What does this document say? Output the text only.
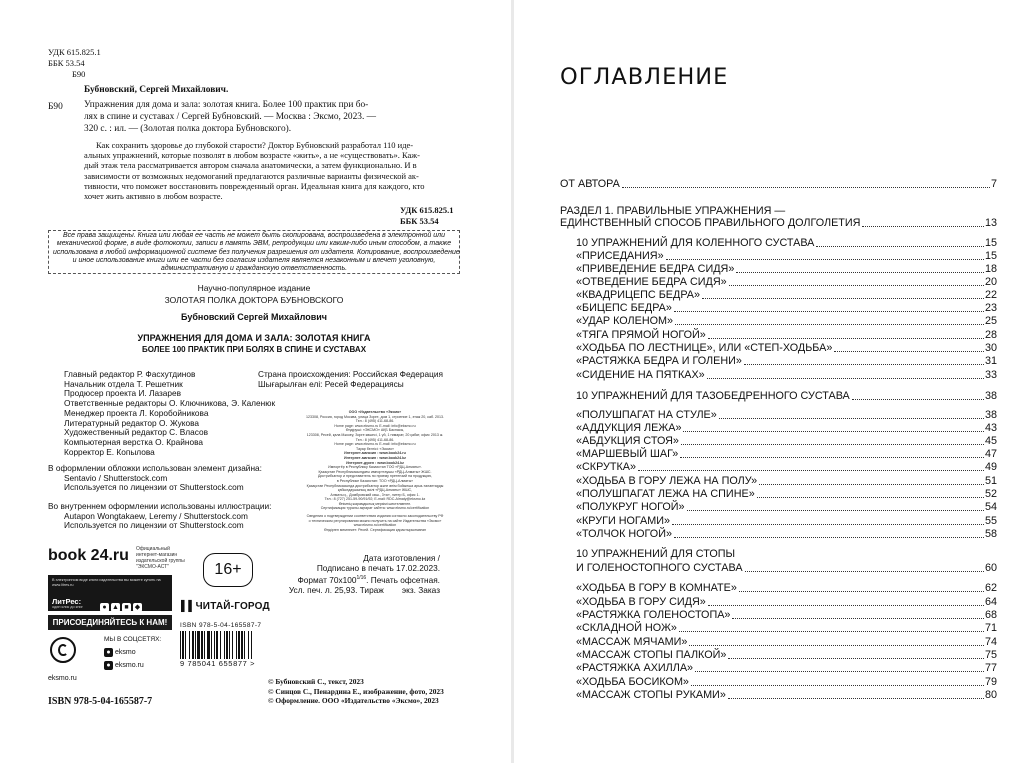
УДК 615.825.1
ББК 53.54
Б90
Бубновский, Сергей Михайлович.
Б90 Упражнения для дома и зала: золотая книга. Более 100 практик при бо-
лях в спине и суставах / Сергей Бубновский. — Москва : Эксмо, 2023. —
320 с. : ил. — (Золотая полка доктора Бубновского).
Как сохранить здоровье до глубокой старости? Доктор Бубновский разработал 110 иде-
альных упражнений, которые позволят в любом возрасте «жить», а не «существовать». Каж-
дый этаж тела рассматривается автором сначала анатомически, а затем функционально. И в
зависимости от возможных недомоганий предлагаются различные варианты физической ак-
тивности, что поможет восстановить поврежденный орган. Идеальная книга для каждого, кто
хочет жить активно в любом возрасте.
УДК 615.825.1
ББК 53.54
Все права защищены. Книга или любая ее часть не может быть скопирована, воспроизведена в электронной или
механической форме, в виде фотокопии, записи в память ЭВМ, репродукции или каким-либо иным способом, а также
использована в любой информационной системе без получения разрешения от издателя. Копирование, воспроизведение
и иное использование книги или ее части без согласия издателя является незаконным и влечет уголовную,
административную и гражданскую ответственность.
Научно-популярное издание
ЗОЛОТАЯ ПОЛКА ДОКТОРА БУБНОВСКОГО
Бубновский Сергей Михайлович
УПРАЖНЕНИЯ ДЛЯ ДОМА И ЗАЛА: ЗОЛОТАЯ КНИГА
БОЛЕЕ 100 ПРАКТИК ПРИ БОЛЯХ В СПИНЕ И СУСТАВАХ
Главный редактор Р. Фасхутдинов
Начальник отдела Т. Решетник
Продюсер проекта И. Лазарев
Ответственные редакторы О. Ключникова, Э. Каленюк
Менеджер проекта Л. Коробойникова
Литературный редактор О. Жукова
Художественный редактор С. Власов
Компьютерная верстка О. Крайнова
Корректор Е. Копылова
Страна происхождения: Российская Федерация
Шығарылған елі: Ресей Федерациясы
В оформлении обложки использован элемент дизайна:
Sentavio / Shutterstock.com
Используется по лицензии от Shutterstock.com
Во внутреннем оформлении использованы иллюстрации:
Autapon Wongtakaew, Leremy / Shutterstock.com
Используется по лицензии от Shutterstock.com
ООО «Издательство «Эксмо»
123308, Россия, город Москва, улица Зорге, дом 1, строение 1, этаж 20, каб. 2013.
Тел.: 8 (495) 411-68-86.
Home page: www.eksmo.ru E-mail: info@eksmo.ru
Өндіруші: «ЭКСМО» АҚБ Баспасы,
123308, Ресей, қала Мәскеу, Зорге көшесі, 1 үй, 1 ғимарат, 20 қабат, офис 2013 ж.
Тел.: 8 (495) 411-68-86.
Home page: www.eksmo.ru E-mail: info@eksmo.ru
Тауар белгісі: «Эксмо»
Интернет-магазин : www.book24.ru
Интернет-магазин : www.book24.kz
Интернет-дүкен : www.book24.kz
Импортёр в Республику Казахстан ТОО «РДЦ-Алматы».
Қазақстан Республикасындағы импорттаушы «РДЦ-Алматы» ЖШС.
Дистрибьютор и представитель по приему претензий на продукцию,
в Республике Казахстан: ТОО «РДЦ-Алматы»
Қазақстан Республикасында дистрибьютор және өнім бойынша арыз-талаптарды
қабылдаушының өкілі «РДЦ-Алматы» ЖШС,
Алматы қ., Домбровский көш., 3«а», литер Б, офис 1.
Тел.: 8 (727) 251-59-90/91/92; E-mail: RDC-Almaty@eksmo.kz
Өнімнің жарамдылық мерзімі шектелмеген.
Сертификация туралы ақпарат сайтта: www.eksmo.ru/certification
Сведения о подтверждении соответствия издания согласно законодательству РФ
о техническом регулировании можно получить на сайте Издательства «Эксмо»
www.eksmo.ru/certification
Өндірген мемлекет: Ресей. Сертификация қарастырылмаған
Дата изготовления /
Подписано в печать 17.02.2023.
Формат $70х100^{1/16}$. Печать офсетная.
Усл. печ. л. 25,93. Тираж экз. Заказ
16+
book 24.ru Официальный
интернет-магазин
издательской группы
"ЭКСМО-АСТ"
В электронном виде книги издательства вы можете купить на www.litres.ru
ЛитРес:
один клик до книг	● ▲ ■ ◆	▌▌ЧИТАЙ-ГОРОД
ПРИСОЕДИНЯЙТЕСЬ К НАМ!
МЫ В СОЦСЕТЯХ:
● eksmo
● eksmo.ru
eksmo.ru
ISBN 978-5-04-165587-7
9 785041 655877 >
ISBN 978-5-04-165587-7
© Бубновский С., текст, 2023
© Синцов С., Пенардина Е., изображение, фото, 2023
© Оформление. ООО «Издательство «Эксмо», 2023
ОГЛАВЛЕНИЕ
ОТ АВТОРА	7
РАЗДЕЛ 1. ПРАВИЛЬНЫЕ УПРАЖНЕНИЯ —
ЕДИНСТВЕННЫЙ СПОСОБ ПРАВИЛЬНОГО ДОЛГОЛЕТИЯ	13
10 УПРАЖНЕНИЙ ДЛЯ КОЛЕННОГО СУСТАВА	15
«ПРИСЕДАНИЯ»	15
«ПРИВЕДЕНИЕ БЕДРА СИДЯ»	18
«ОТВЕДЕНИЕ БЕДРА СИДЯ»	20
«КВАДРИЦЕПС БЕДРА»	22
«БИЦЕПС БЕДРА»	23
«УДАР КОЛЕНОМ»	25
«ТЯГА ПРЯМОЙ НОГОЙ»	28
«ХОДЬБА ПО ЛЕСТНИЦЕ», ИЛИ «СТЕП-ХОДЬБА»	30
«РАСТЯЖКА БЕДРА И ГОЛЕНИ»	31
«СИДЕНИЕ НА ПЯТКАХ»	33
10 УПРАЖНЕНИЙ ДЛЯ ТАЗОБЕДРЕННОГО СУСТАВА	38
«ПОЛУШПАГАТ НА СТУЛЕ»	38
«АДДУКЦИЯ ЛЕЖА»	43
«АБДУКЦИЯ СТОЯ»	45
«МАРШЕВЫЙ ШАГ»	47
«СКРУТКА»	49
«ХОДЬБА В ГОРУ ЛЕЖА НА ПОЛУ»	51
«ПОЛУШПАГАТ ЛЕЖА НА СПИНЕ»	52
«ПОЛУКРУГ НОГОЙ»	54
«КРУГИ НОГАМИ»	55
«ТОЛЧОК НОГОЙ»	58
10 УПРАЖНЕНИЙ ДЛЯ СТОПЫ
И ГОЛЕНОСТОПНОГО СУСТАВА	60
«ХОДЬБА В ГОРУ В КОМНАТЕ»	62
«ХОДЬБА В ГОРУ СИДЯ»	64
«РАСТЯЖКА ГОЛЕНОСТОПА»	68
«СКЛАДНОЙ НОЖ»	71
«МАССАЖ МЯЧАМИ»	74
«МАССАЖ СТОПЫ ПАЛКОЙ»	75
«РАСТЯЖКА АХИЛЛА»	77
«ХОДЬБА БОСИКОМ»	79
«МАССАЖ СТОПЫ РУКАМИ»	80
